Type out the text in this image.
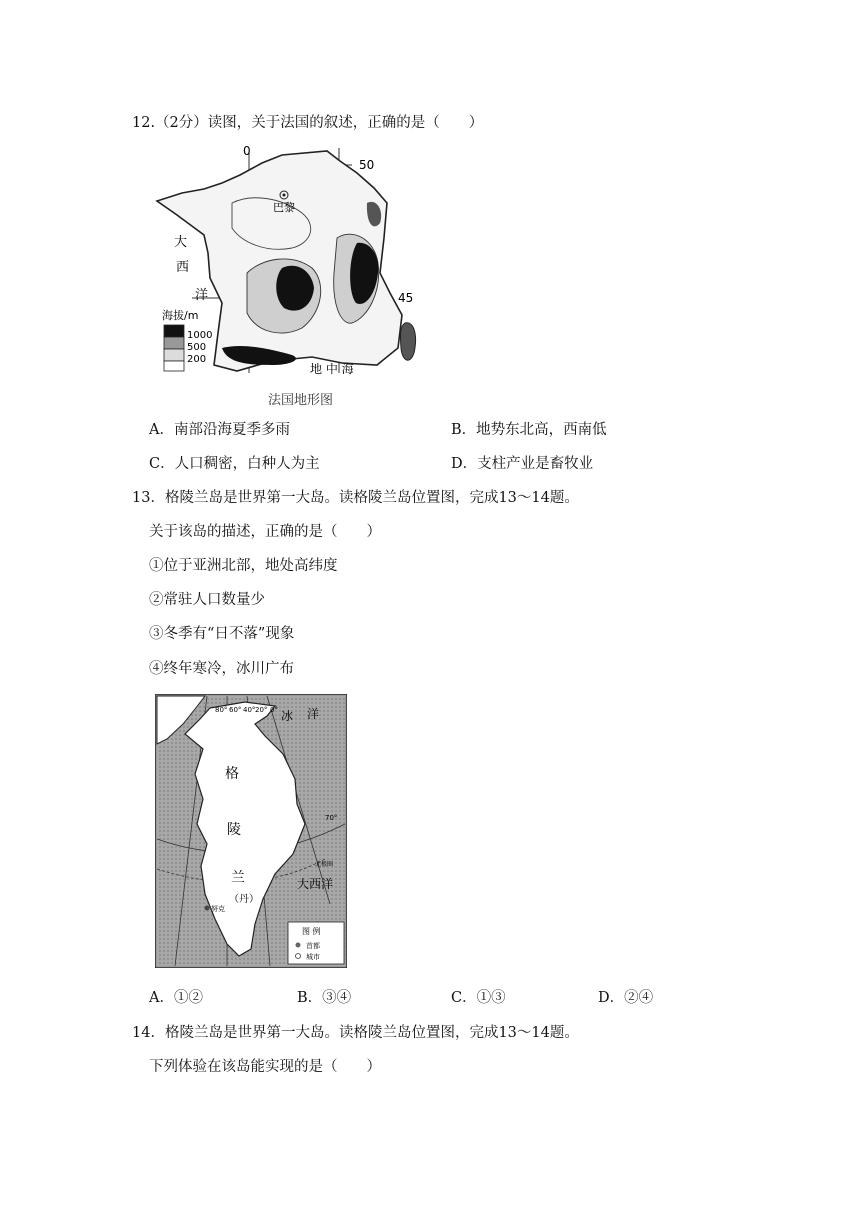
12.（2分）读图，关于法国的叙述，正确的是（　　）
巴黎
0
50
45
大
西
洋
地 中 海
海拔/m
1000
500
200
法国地形图
A．南部沿海夏季多雨	B．地势东北高，西南低
C．人口稠密，白种人为主	D．支柱产业是畜牧业
13．格陵兰岛是世界第一大岛。读格陵兰岛位置图，完成13～14题。
关于该岛的描述，正确的是（　　）
①位于亚洲北部，地处高纬度
②常驻人口数量少
③冬季有“日不落”现象
④终年寒冷，冰川广布
80° 60° 40° 20° 0°
70°
冰 洋
格
陵
兰
（丹）
努克
北极圈
大西洋
图 例
首都
城市
A．①②	B．③④	C．①③	D．②④
14．格陵兰岛是世界第一大岛。读格陵兰岛位置图，完成13～14题。
下列体验在该岛能实现的是（　　）
